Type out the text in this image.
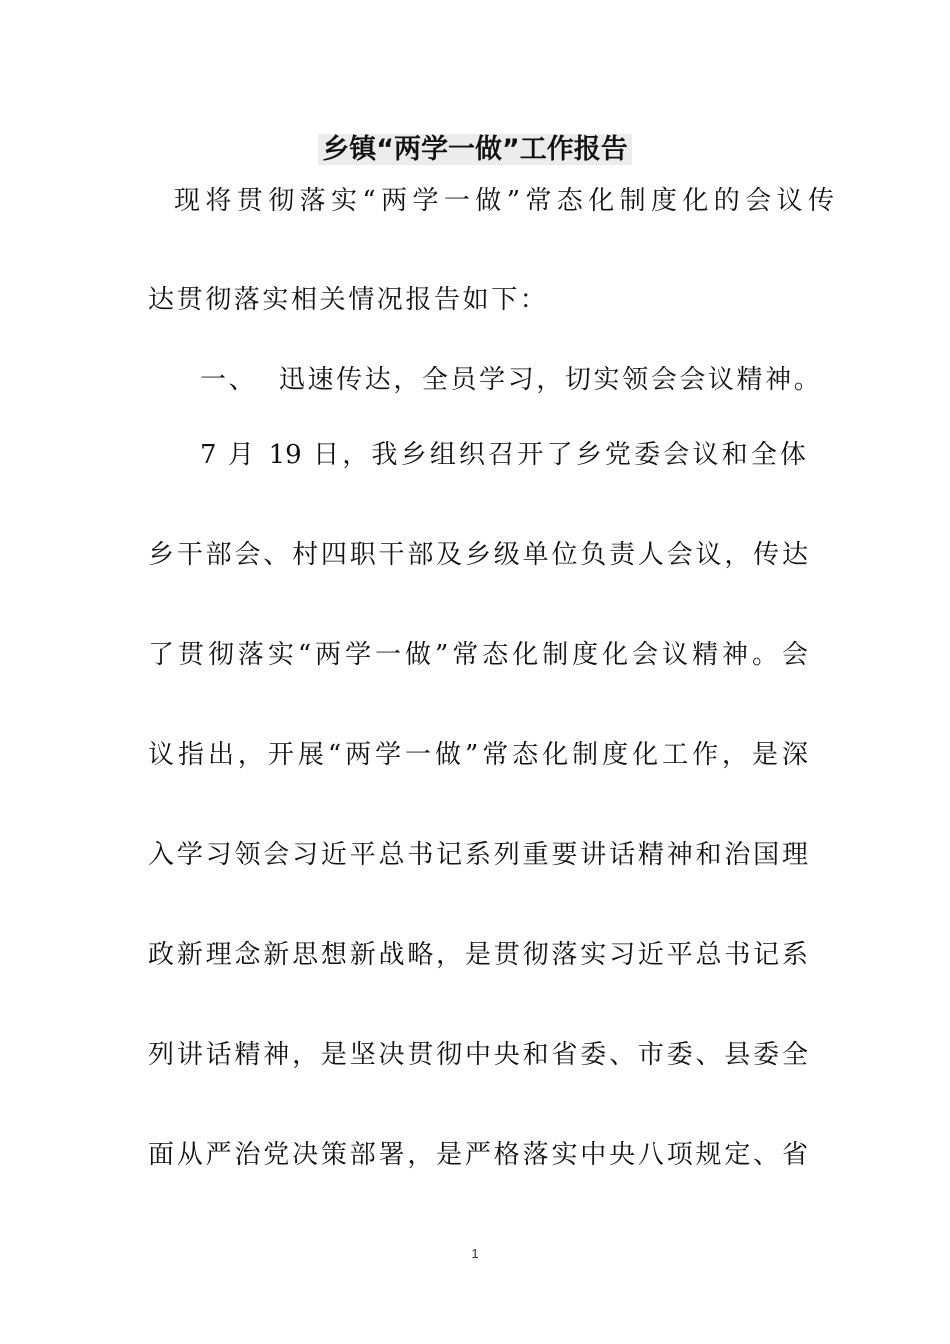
乡镇“两学一做”工作报告
现将贯彻落实“两学一做”常态化制度化的会议传
达贯彻落实相关情况报告如下：
一、  迅速传达，全员学习，切实领会会议精神。
7 月 19 日，我乡组织召开了乡党委会议和全体
乡干部会、村四职干部及乡级单位负责人会议，传达
了贯彻落实“两学一做”常态化制度化会议精神。会
议指出，开展“两学一做”常态化制度化工作，是深
入学习领会习近平总书记系列重要讲话精神和治国理
政新理念新思想新战略，是贯彻落实习近平总书记系
列讲话精神，是坚决贯彻中央和省委、市委、县委全
面从严治党决策部署，是严格落实中央八项规定、省
1
